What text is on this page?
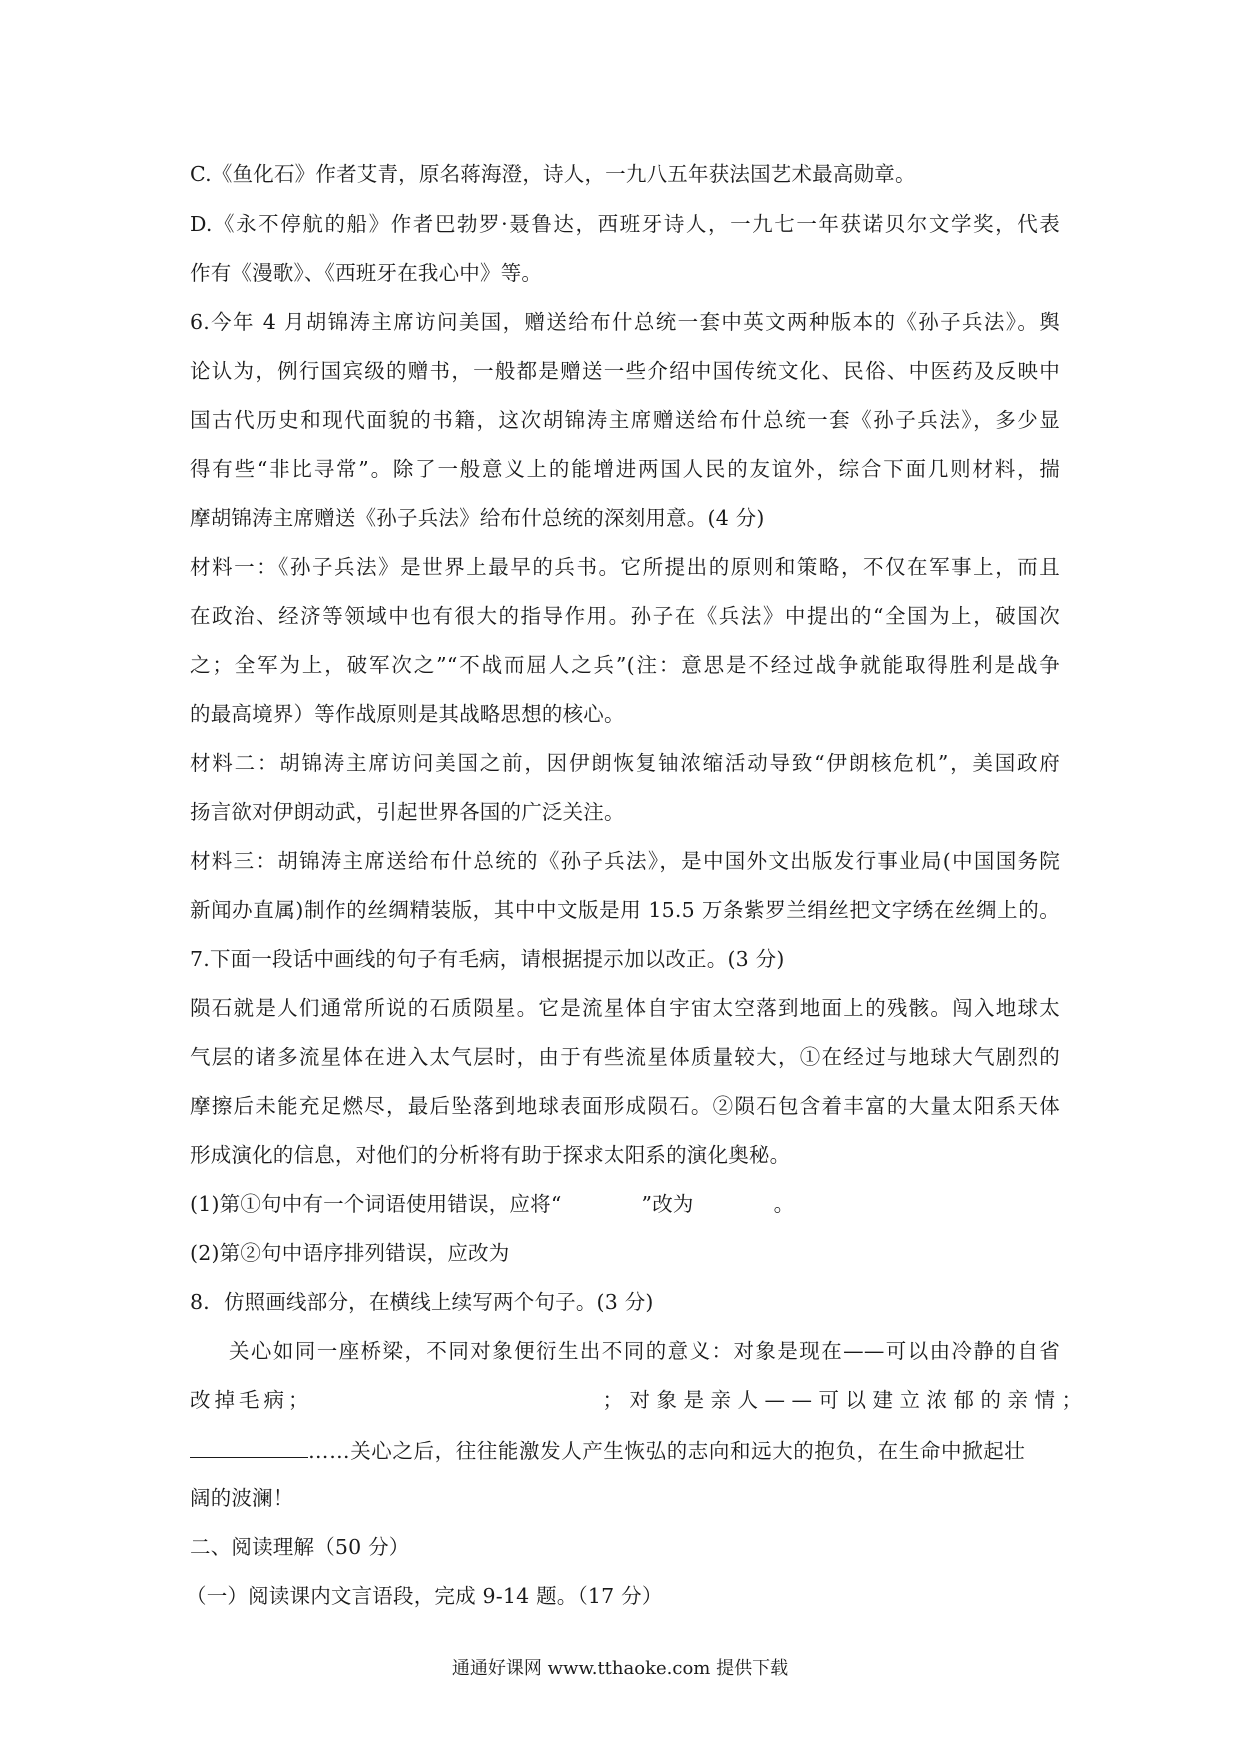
C.《鱼化石》作者艾青，原名蒋海澄，诗人，一九八五年获法国艺术最高勋章。
D.《永不停航的船》作者巴勃罗·聂鲁达，西班牙诗人，一九七一年获诺贝尔文学奖，代表
作有《漫歌》、《西班牙在我心中》等。
6.今年 4 月胡锦涛主席访问美国，赠送给布什总统一套中英文两种版本的《孙子兵法》。舆
论认为，例行国宾级的赠书，一般都是赠送一些介绍中国传统文化、民俗、中医药及反映中
国古代历史和现代面貌的书籍，这次胡锦涛主席赠送给布什总统一套《孙子兵法》，多少显
得有些“非比寻常”。除了一般意义上的能增进两国人民的友谊外，综合下面几则材料，揣
摩胡锦涛主席赠送《孙子兵法》给布什总统的深刻用意。(4 分)
材料一：《孙子兵法》是世界上最早的兵书。它所提出的原则和策略，不仅在军事上，而且
在政治、经济等领域中也有很大的指导作用。孙子在《兵法》中提出的“全国为上，破国次
之；全军为上，破军次之”“不战而屈人之兵”(注：意思是不经过战争就能取得胜利是战争
的最高境界）等作战原则是其战略思想的核心。
材料二：胡锦涛主席访问美国之前，因伊朗恢复铀浓缩活动导致“伊朗核危机”，美国政府
扬言欲对伊朗动武，引起世界各国的广泛关注。
材料三：胡锦涛主席送给布什总统的《孙子兵法》，是中国外文出版发行事业局(中国国务院
新闻办直属)制作的丝绸精装版，其中中文版是用 15.5 万条紫罗兰绢丝把文字绣在丝绸上的。
7.下面一段话中画线的句子有毛病，请根据提示加以改正。(3 分)
陨石就是人们通常所说的石质陨星。它是流星体自宇宙太空落到地面上的残骸。闯入地球太
气层的诸多流星体在进入太气层时，由于有些流星体质量较大，①在经过与地球大气剧烈的
摩擦后未能充足燃尽，最后坠落到地球表面形成陨石。②陨石包含着丰富的大量太阳系天体
形成演化的信息，对他们的分析将有助于探求太阳系的演化奥秘。
(1)第①句中有一个词语使用错误，应将“	”改为	。
(2)第②句中语序排列错误，应改为
8．仿照画线部分，在横线上续写两个句子。(3 分)
关心如同一座桥梁，不同对象便衍生出不同的意义：对象是现在——可以由冷静的自省
改掉毛病；	；对象是亲人——可以建立浓郁的亲情；
……关心之后，往往能激发人产生恢弘的志向和远大的抱负，在生命中掀起壮
阔的波澜！
二、阅读理解（50 分）
（一）阅读课内文言语段，完成 9-14 题。（17 分）
通通好课网 www.tthaoke.com 提供下载
